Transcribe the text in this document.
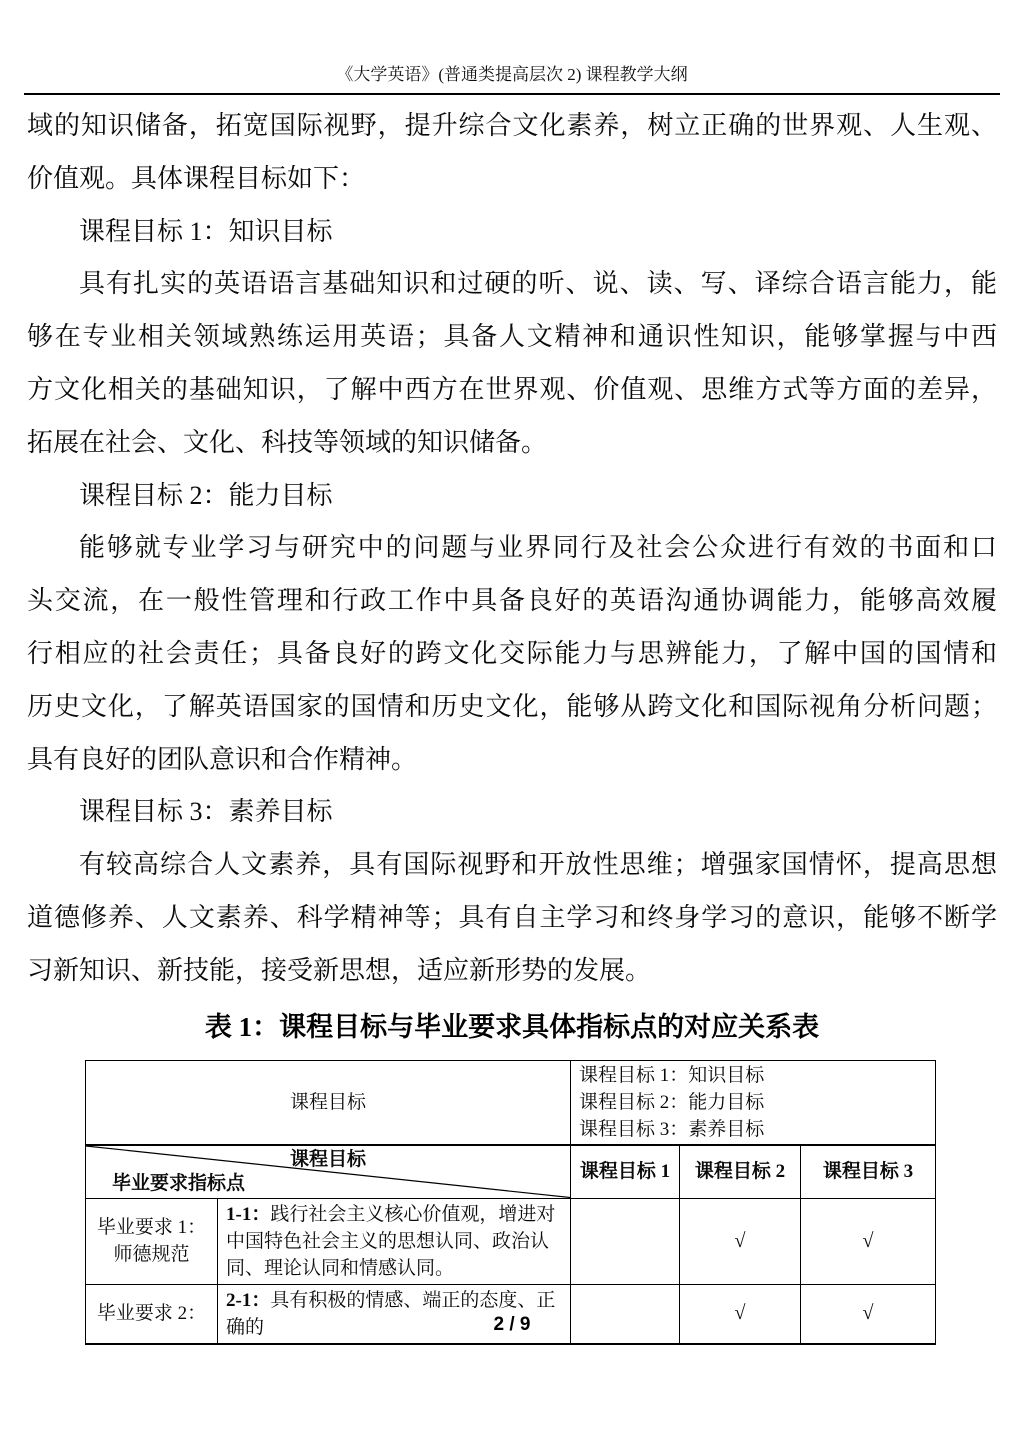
《大学英语》(普通类提高层次 2) 课程教学大纲
域的知识储备，拓宽国际视野，提升综合文化素养，树立正确的世界观、人生观、
价值观。具体课程目标如下：
课程目标 1：知识目标
具有扎实的英语语言基础知识和过硬的听、说、读、写、译综合语言能力，能
够在专业相关领域熟练运用英语；具备人文精神和通识性知识，能够掌握与中西
方文化相关的基础知识，了解中西方在世界观、价值观、思维方式等方面的差异，
拓展在社会、文化、科技等领域的知识储备。
课程目标 2：能力目标
能够就专业学习与研究中的问题与业界同行及社会公众进行有效的书面和口
头交流，在一般性管理和行政工作中具备良好的英语沟通协调能力，能够高效履
行相应的社会责任；具备良好的跨文化交际能力与思辨能力，了解中国的国情和
历史文化，了解英语国家的国情和历史文化，能够从跨文化和国际视角分析问题；
具有良好的团队意识和合作精神。
课程目标 3：素养目标
有较高综合人文素养，具有国际视野和开放性思维；增强家国情怀，提高思想
道德修养、人文素养、科学精神等；具有自主学习和终身学习的意识，能够不断学
习新知识、新技能，接受新思想，适应新形势的发展。
表 1：课程目标与毕业要求具体指标点的对应关系表
课程目标		课程目标 1：知识目标
课程目标 2：能力目标
课程目标 3：素养目标		

课程目标
毕业要求指标点		课程目标 1	课程目标 2	课程目标 3

毕业要求 1：
师德规范	1-1：践行社会主义核心价值观，增进对中国特色社会主义的思想认同、政治认同、理论认同和情感认同。		√	√

毕业要求 2：	2-1：具有积极的情感、端正的态度、正确的		√	√
2 / 9
